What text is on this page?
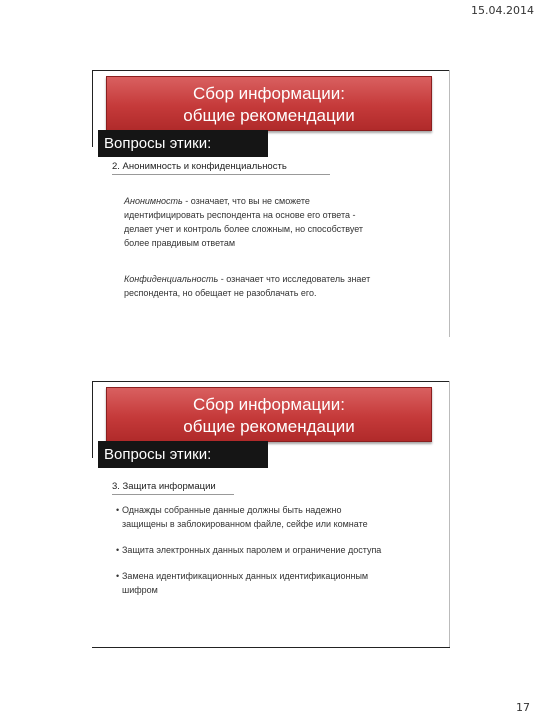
15.04.2014
Сбор информации:
общие рекомендации
Вопросы этики:
2. Анонимность и конфиденциальность
Анонимность - означает, что вы не сможете
идентифицировать респондента на основе его ответа -
делает учет и контроль более сложным, но способствует
более правдивым ответам
Конфиденциальность - означает что исследователь знает
респондента, но обещает не разоблачать его.
Сбор информации:
общие рекомендации
Вопросы этики:
3. Защита информации
• Однажды собранные данные должны быть надежно
защищены в заблокированном файле, сейфе или комнате
• Защита электронных данных паролем и ограничение доступа
• Замена идентификационных данных идентификационным
шифром
17
